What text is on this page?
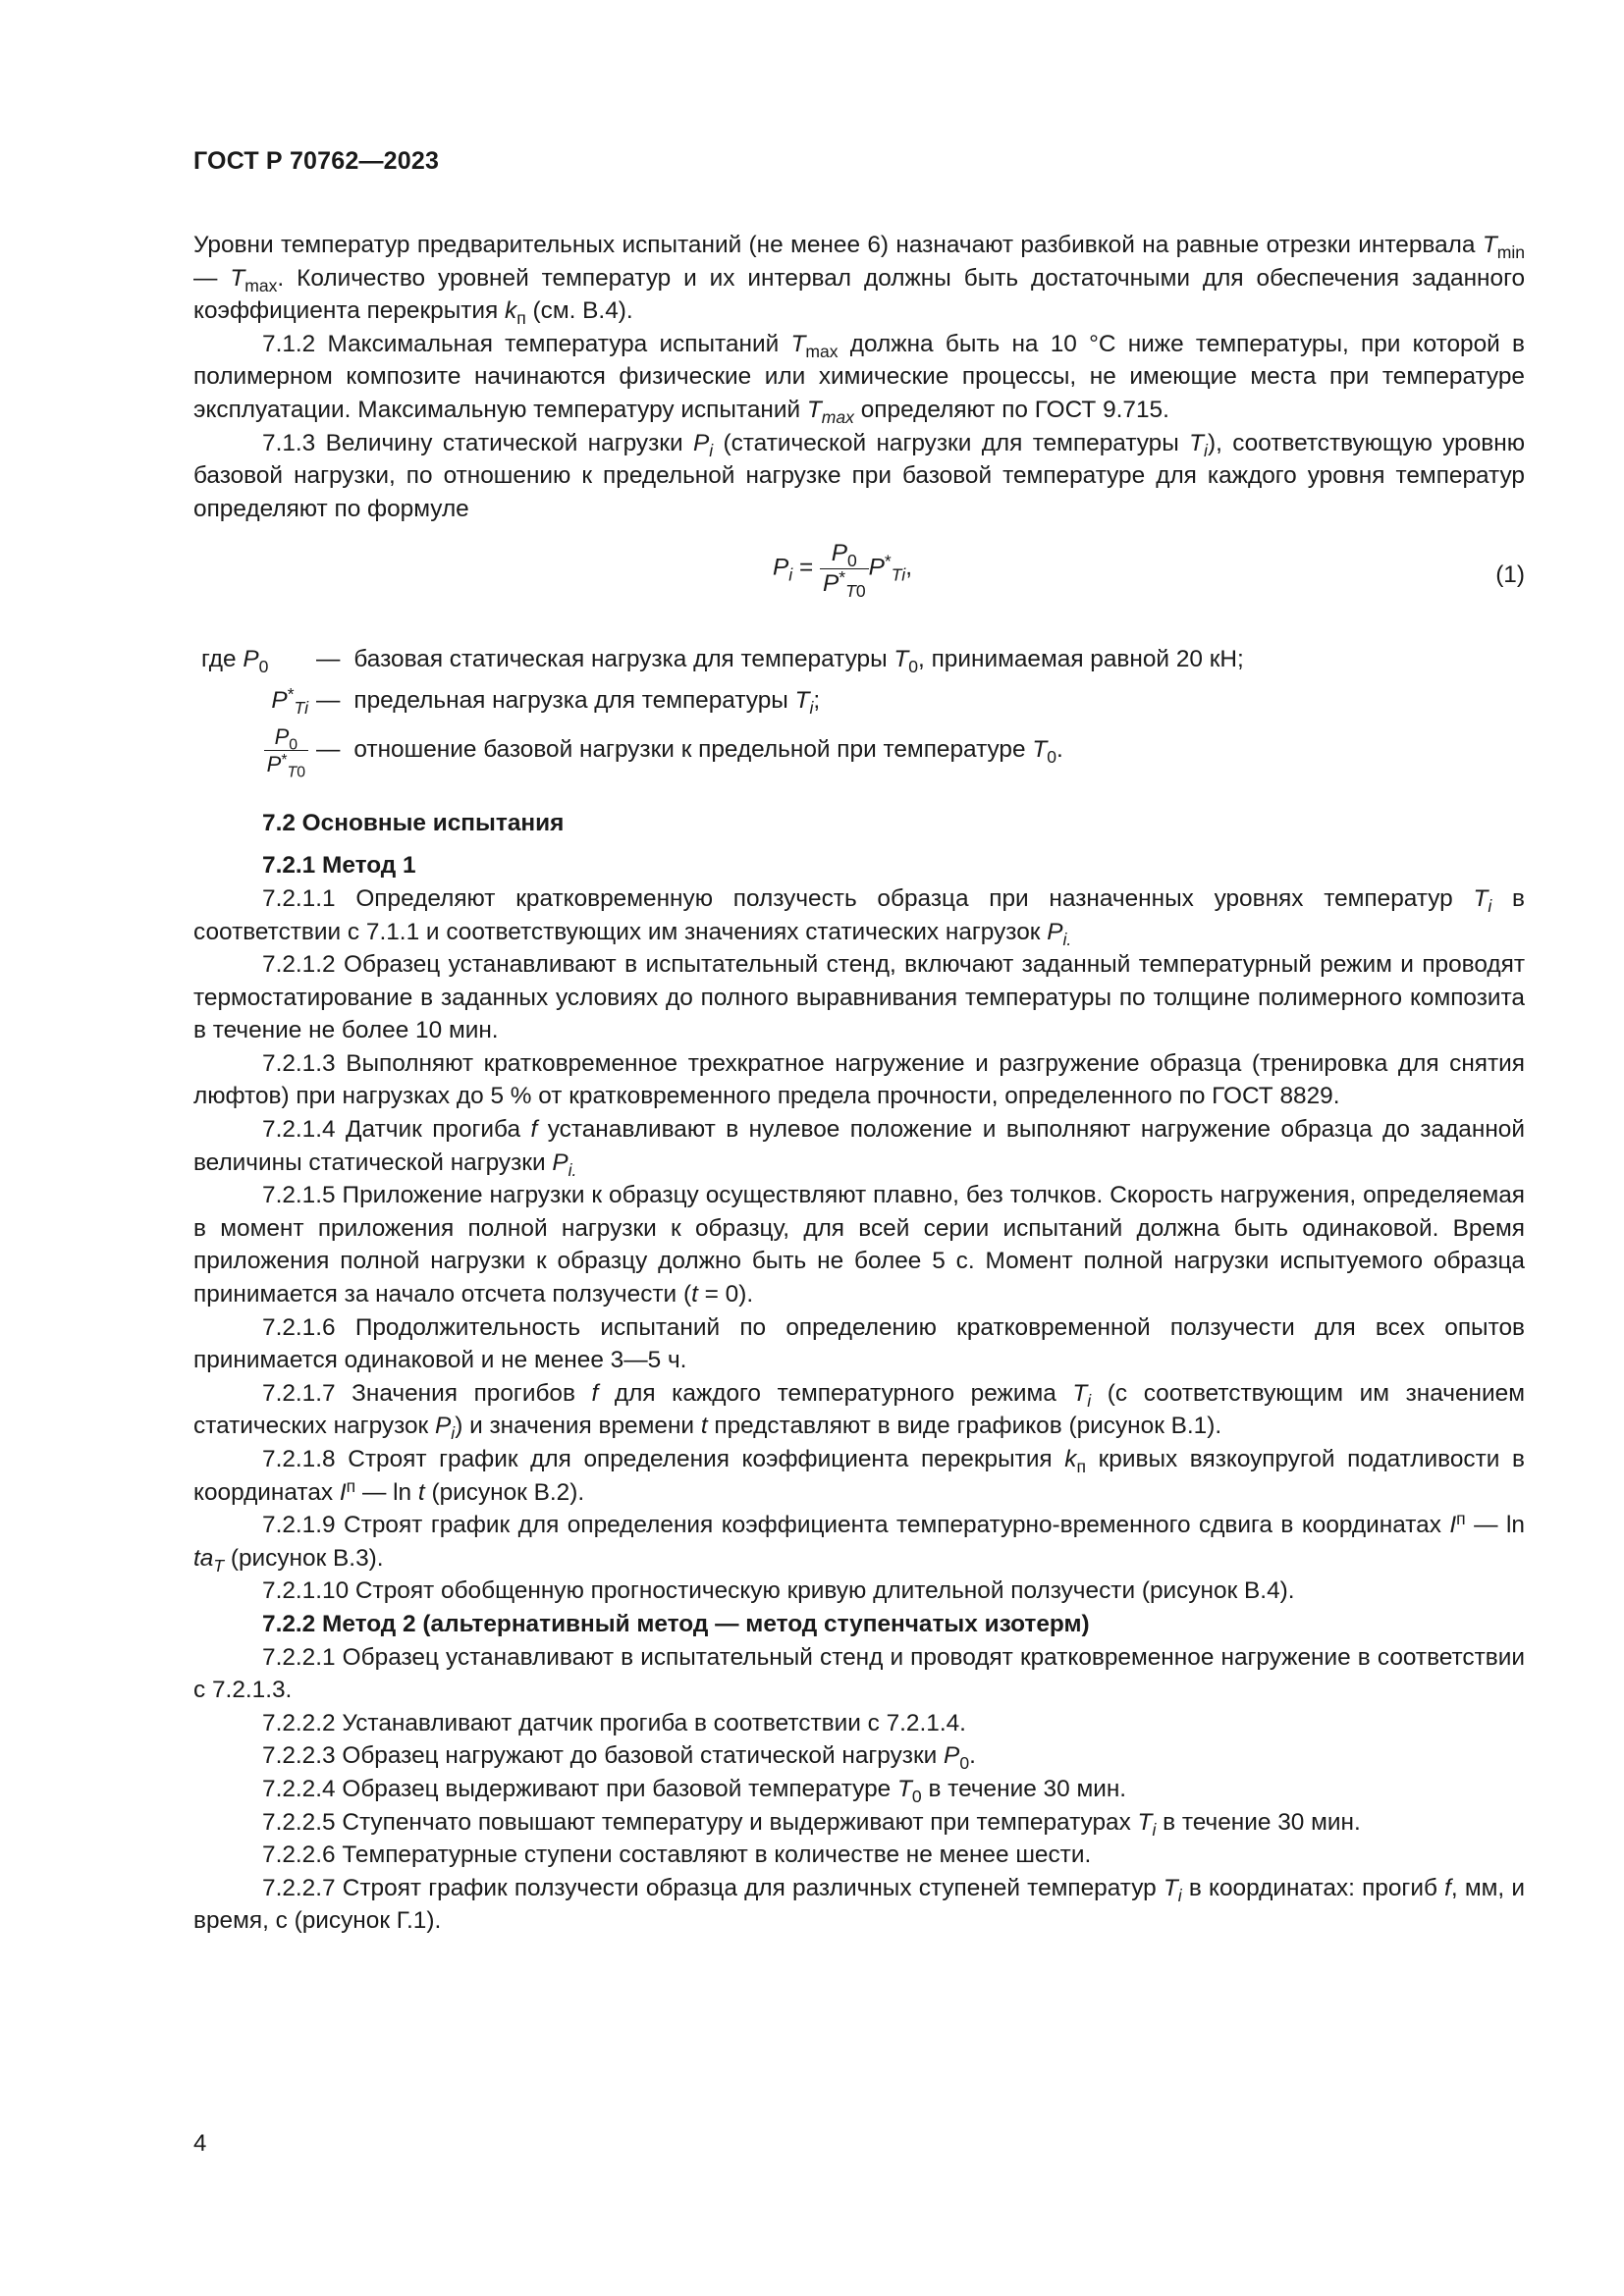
ГОСТ Р 70762—2023

Уровни температур предварительных испытаний (не менее 6) назначают разбивкой на равные отрезки интервала $T_{min}$ — $T_{max}$. Количество уровней температур и их интервал должны быть достаточными для обеспечения заданного коэффициента перекрытия $k_п$ (см. В.4).

7.1.2 Максимальная температура испытаний $T_{max}$ должна быть на 10 °С ниже температуры, при которой в полимерном композите начинаются физические или химические процессы, не имеющие места при температуре эксплуатации. Максимальную температуру испытаний $T_{max}$ определяют по ГОСТ 9.715.

7.1.3 Величину статической нагрузки $P_i$ (статической нагрузки для температуры $T_i$), соответствующую уровню базовой нагрузки, по отношению к предельной нагрузке при базовой температуре для каждого уровня температур определяют по формуле

$P_i = \frac{P_0}{P^*_{T0}} P^*_{Ti}$,	(1)
где $P_0$	— базовая статическая нагрузка для температуры $T_0$, принимаемая равной 20 кН;
$P^*_{Ti}$ — предельная нагрузка для температуры $T_i$;
$\frac{P_0}{P^*_{T0}}$ — отношение базовой нагрузки к предельной при температуре $T_0$.

7.2 Основные испытания

7.2.1 Метод 1

7.2.1.1 Определяют кратковременную ползучесть образца при назначенных уровнях температур $T_i$ в соответствии с 7.1.1 и соответствующих им значениях статических нагрузок $P_{i.}$

7.2.1.2 Образец устанавливают в испытательный стенд, включают заданный температурный режим и проводят термостатирование в заданных условиях до полного выравнивания температуры по толщине полимерного композита в течение не более 10 мин.

7.2.1.3 Выполняют кратковременное трехкратное нагружение и разгружение образца (тренировка для снятия люфтов) при нагрузках до 5 % от кратковременного предела прочности, определенного по ГОСТ 8829.

7.2.1.4 Датчик прогиба f устанавливают в нулевое положение и выполняют нагружение образца до заданной величины статической нагрузки $P_{i.}$

7.2.1.5 Приложение нагрузки к образцу осуществляют плавно, без толчков. Скорость нагружения, определяемая в момент приложения полной нагрузки к образцу, для всей серии испытаний должна быть одинаковой. Время приложения полной нагрузки к образцу должно быть не более 5 с. Момент полной нагрузки испытуемого образца принимается за начало отсчета ползучести (t = 0).

7.2.1.6 Продолжительность испытаний по определению кратковременной ползучести для всех опытов принимается одинаковой и не менее 3—5 ч.

7.2.1.7 Значения прогибов f для каждого температурного режима $T_i$ (с соответствующим им значением статических нагрузок $P_i$) и значения времени t представляют в виде графиков (рисунок В.1).

7.2.1.8 Строят график для определения коэффициента перекрытия $k_п$ кривых вязкоупругой податливости в координатах $I^п$ — ln t (рисунок В.2).

7.2.1.9 Строят график для определения коэффициента температурно-временного сдвига в координатах $I^п$ — $\ln ta_T$ (рисунок В.3).

7.2.1.10 Строят обобщенную прогностическую кривую длительной ползучести (рисунок В.4).

7.2.2 Метод 2 (альтернативный метод — метод ступенчатых изотерм)

7.2.2.1 Образец устанавливают в испытательный стенд и проводят кратковременное нагружение в соответствии с 7.2.1.3.

7.2.2.2 Устанавливают датчик прогиба в соответствии с 7.2.1.4.

7.2.2.3 Образец нагружают до базовой статической нагрузки $P_0$.

7.2.2.4 Образец выдерживают при базовой температуре $T_0$ в течение 30 мин.

7.2.2.5 Ступенчато повышают температуру и выдерживают при температурах $T_i$ в течение 30 мин.

7.2.2.6 Температурные ступени составляют в количестве не менее шести.

7.2.2.7 Строят график ползучести образца для различных ступеней температур $T_i$ в координатах: прогиб f, мм, и время, с (рисунок Г.1).

4
